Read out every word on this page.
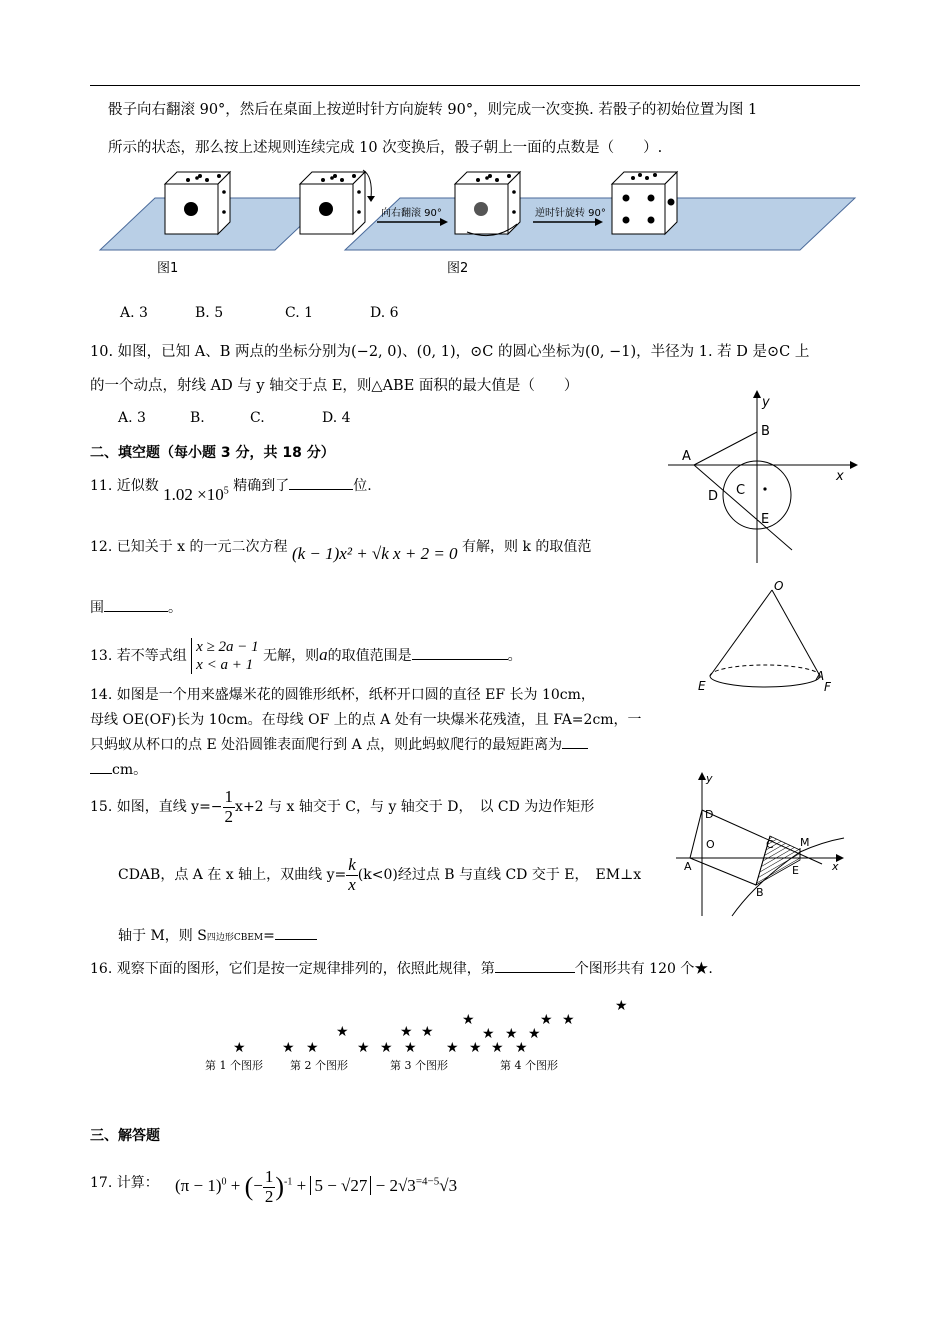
骰子向右翻滚 90°，然后在桌面上按逆时针方向旋转 90°，则完成一次变换. 若骰子的初始位置为图 1
所示的状态，那么按上述规则连续完成 10 次变换后，骰子朝上一面的点数是（　　）.
向右翻滚 90°	逆时针旋转 90°
图1	图2
A. 3	B. 5	C. 1	D. 6
10. 如图，已知 A、B 两点的坐标分别为(−2, 0)、(0, 1)，⊙C 的圆心坐标为(0, −1)，半径为 1. 若 D 是⊙C 上
的一个动点，射线 AD 与 y 轴交于点 E，则△ABE 面积的最大值是（　　）
A. 3	B.	C.	D. 4
y
x
A
B
C
D
E
二、填空题（每小题 3 分，共 18 分）
11. 近似数 $1.02 \times 10^5$ 精确到了	位.
12. 已知关于 x 的一元二次方程 (k − 1)x² + √k x + 2 = 0 有解，则 k 的取值范
围	。
13. 若不等式组
x ≥ 2a − 1
x < a + 1
无解，则a的取值范围是	。
O
E
A
F
14. 如图是一个用来盛爆米花的圆锥形纸杯，纸杯开口圆的直径 EF 长为 10cm，
母线 OE(OF)长为 10cm。在母线 OF 上的点 A 处有一块爆米花残渣，且 FA=2cm，一
只蚂蚁从杯口的点 E 处沿圆锥表面爬行到 A 点，则此蚂蚁爬行的最短距离为
cm。
15. 如图，直线 $y=- \frac{1}{2} x+2$ 与 x 轴交于 C，与 y 轴交于 D，　以 CD 为边作矩形
CDAB，点 A 在 x 轴上，双曲线 $y= \frac{k}{x} (k<0)$经过点 B 与直线 CD 交于 E，　EM⊥x
轴于 M，则 S四边形CBEM=
y
x
D
O
A
C M
E
B
16. 观察下面的图形，它们是按一定规律排列的，依照此规律，第	个图形共有 120 个★.
★	★ ★
★
★ ★ ★
★ ★
★
★ ★ ★ ★
★ ★ ★
★ ★
★
第 1 个图形 第 2 个图形	第 3 个图形	第 4 个图形
三、解答题
17. 计算： $(\pi - 1)^0$ + (− $\frac{1}{2} )^{-1} + 5 - √27 - 2√3^{=4-5}√3$
